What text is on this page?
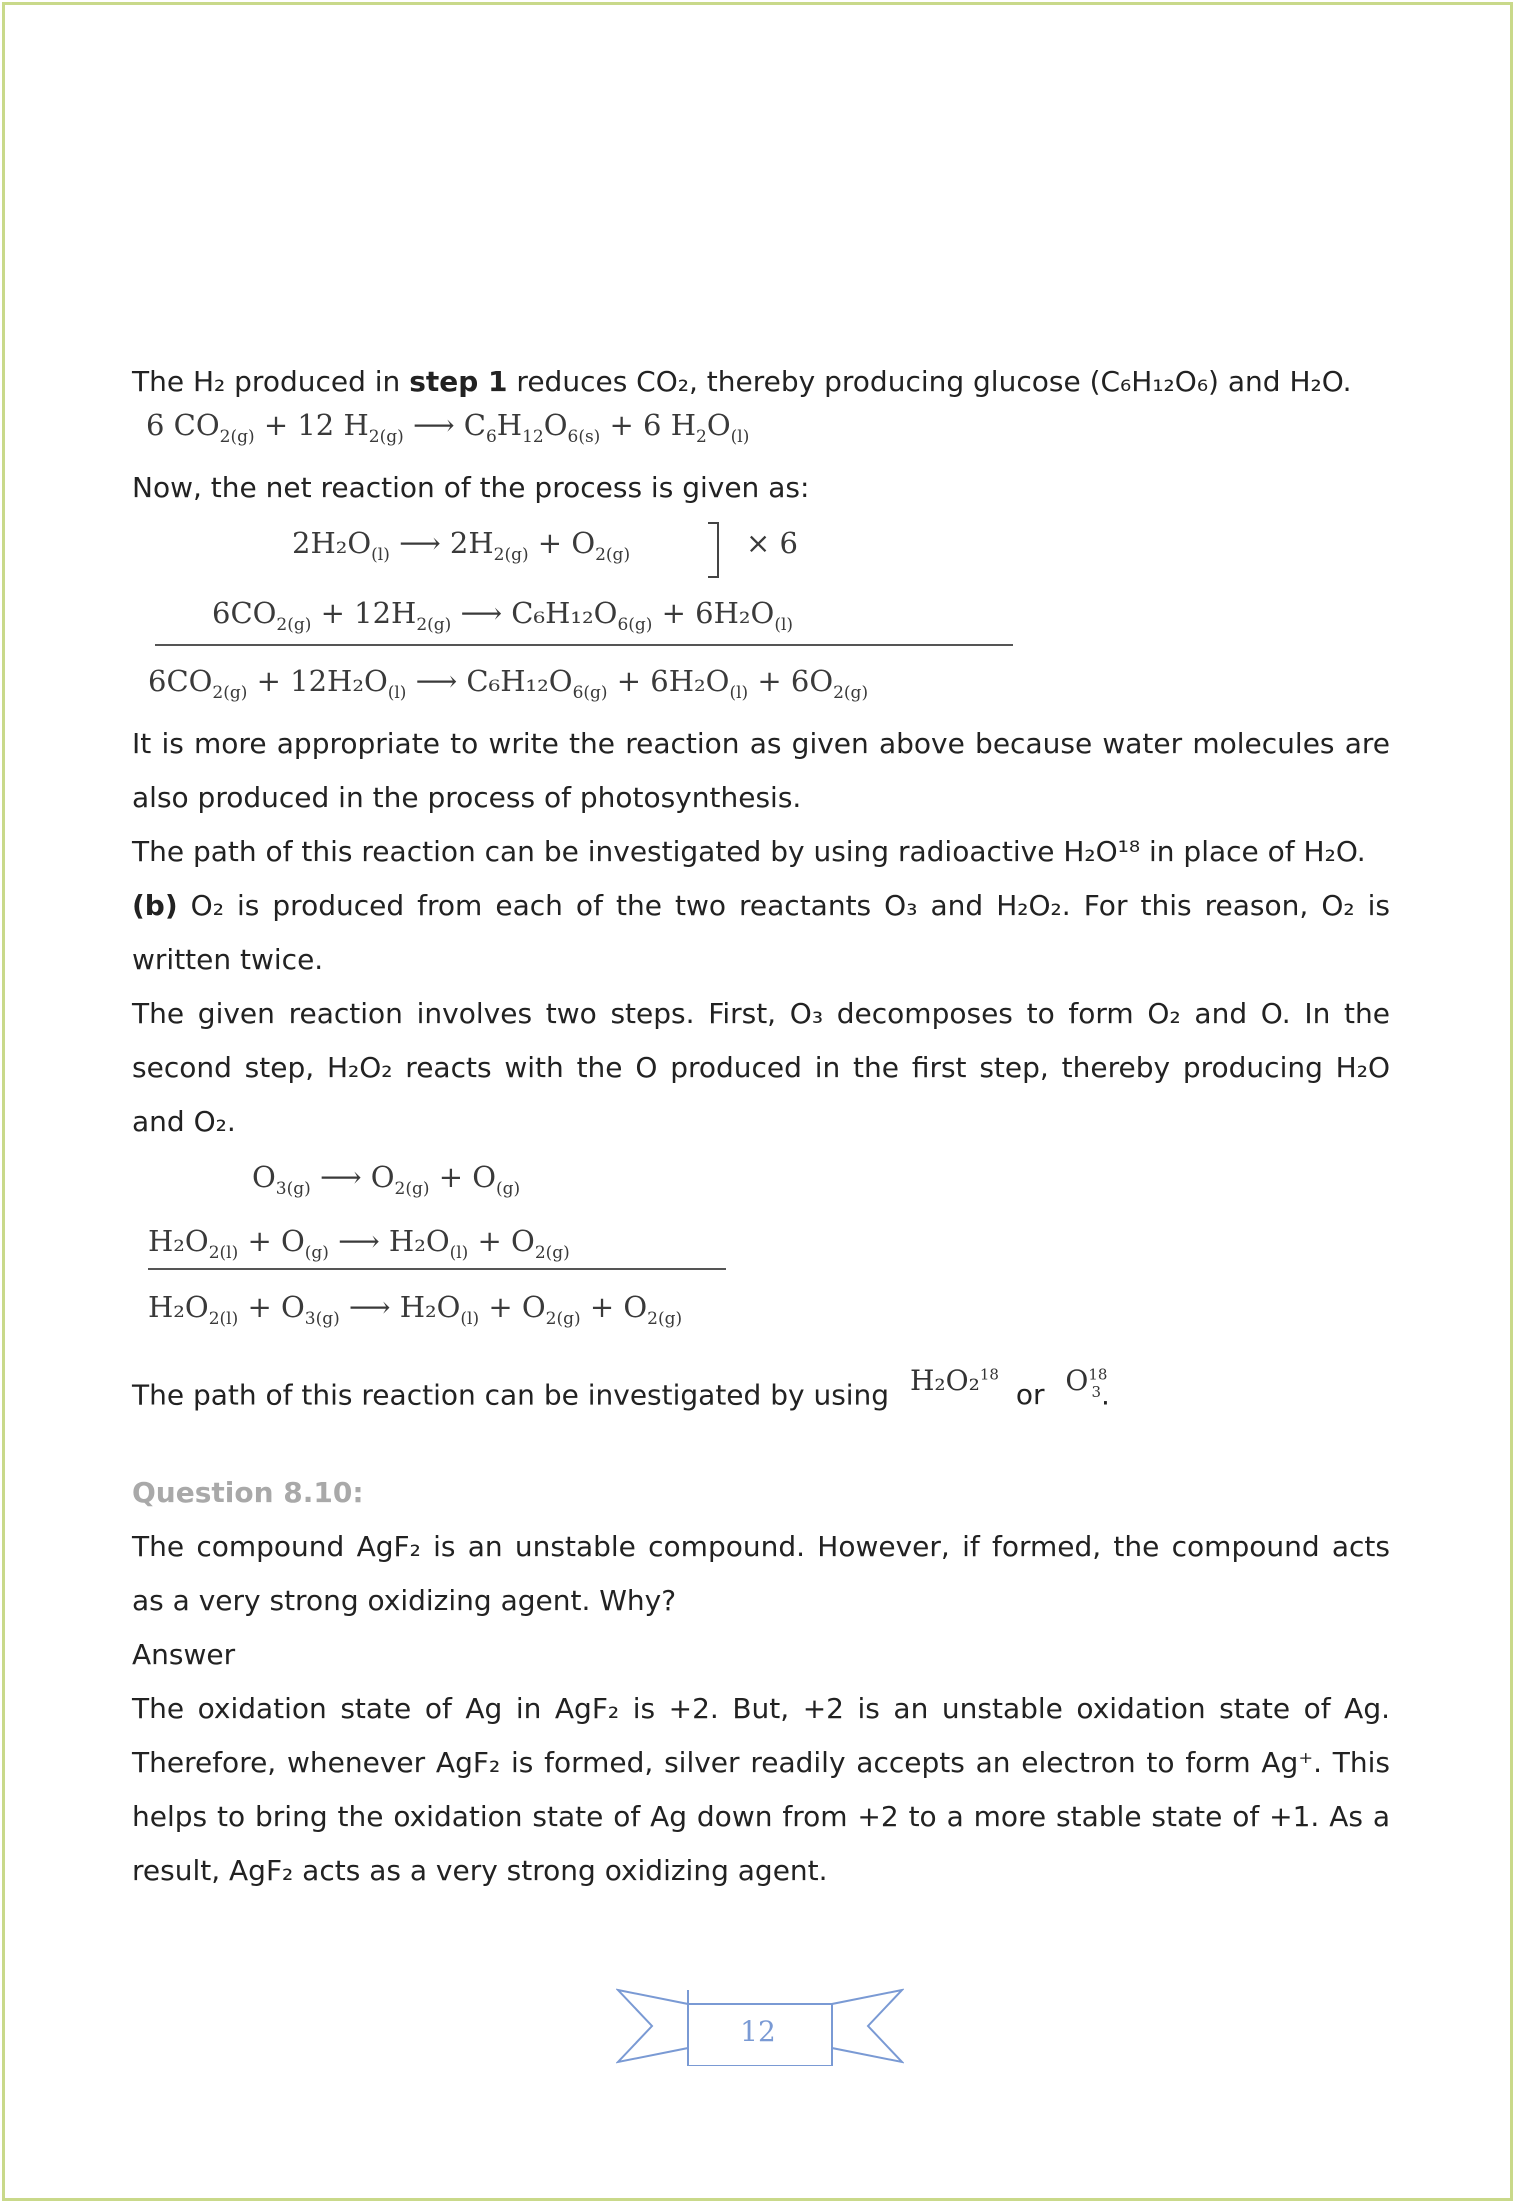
The H₂ produced in step 1 reduces CO₂, thereby producing glucose (C₆H₁₂O₆) and H₂O.

6 $CO_{2(g)} + 12$ $H_{2(g)}$ ⟶ $C_6H_{12}O_{6(s)} + 6$ $H_2O_{(l)}$

Now, the net reaction of the process is given as:

$2H_2O_{(l)}$ ⟶ $2H_{2(g)} + O_{2(g)}$	× 6
$6CO_{2(g)} + 12H_{2(g)}$ ⟶ $C_6H_{12}O_{6(g)} + 6H_2O_{(l)}$
$6CO_{2(g)} + 12H_2O_{(l)}$ ⟶ $C_6H_{12}O_{6(g)} + 6H_2O_{(l)} + 6O_{2(g)}$

It is more appropriate to write the reaction as given above because water molecules are also produced in the process of photosynthesis.

The path of this reaction can be investigated by using radioactive H₂O¹⁸ in place of H₂O.

(b) O₂ is produced from each of the two reactants O₃ and H₂O₂. For this reason, O₂ is written twice.

The given reaction involves two steps. First, O₃ decomposes to form O₂ and O. In the second step, H₂O₂ reacts with the O produced in the first step, thereby producing H₂O and O₂.

$O_{3(g)}$ ⟶ $O_{2(g)} + O_{(g)}$
$H_2O_{2(l)} + O_{(g)}$ ⟶ $H_2O_{(l)} + O_{2(g)}$
$H_2O_{2(l)} + O_{3(g)}$ ⟶ $H_2O_{(l)} + O_{2(g)} + O_{2(g)}$

The path of this reaction can be investigated by using H₂O₂$^{18}$ or $O^{18}_3$.

Question 8.10:

The compound AgF₂ is an unstable compound. However, if formed, the compound acts as a very strong oxidizing agent. Why?

Answer

The oxidation state of Ag in AgF₂ is +2. But, +2 is an unstable oxidation state of Ag. Therefore, whenever AgF₂ is formed, silver readily accepts an electron to form Ag⁺. This helps to bring the oxidation state of Ag down from +2 to a more stable state of +1. As a result, AgF₂ acts as a very strong oxidizing agent.

12
